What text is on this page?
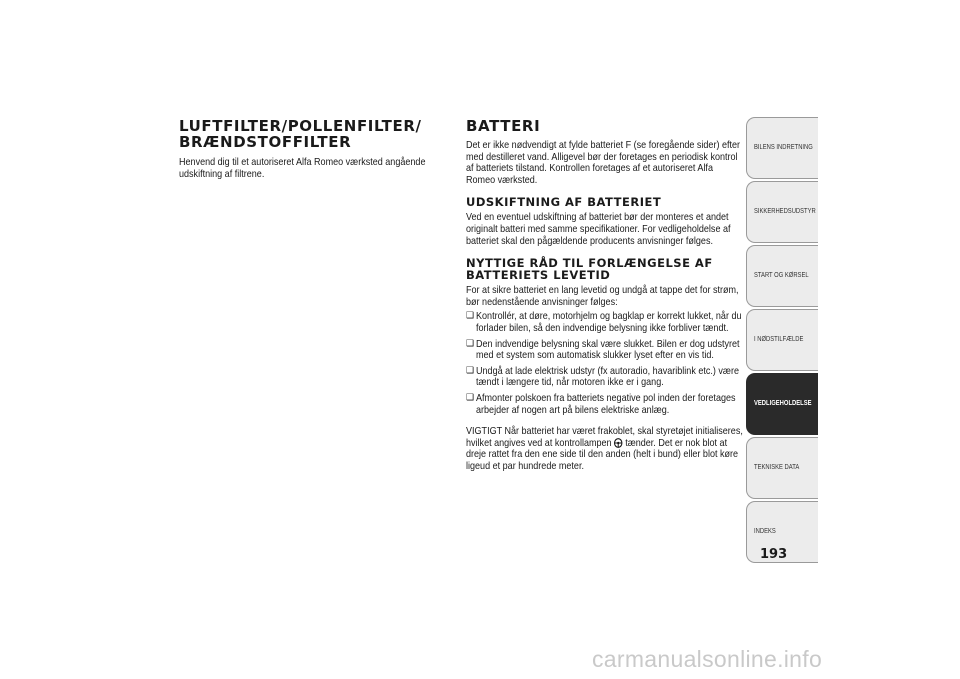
LUFTFILTER/POLLENFILTER/
BRÆNDSTOFFILTER

Henvend dig til et autoriseret Alfa Romeo værksted angående udskiftning af filtrene.

BATTERI

Det er ikke nødvendigt at fylde batteriet F (se foregående sider) efter med destilleret vand. Alligevel bør der foretages en periodisk kontrol af batteriets tilstand. Kontrollen foretages af et autoriseret Alfa Romeo værksted.

UDSKIFTNING AF BATTERIET

Ved en eventuel udskiftning af batteriet bør der monteres et andet originalt batteri med samme specifikationer. For vedligeholdelse af batteriet skal den pågældende producents anvisninger følges.

NYTTIGE RÅD TIL FORLÆNGELSE AF BATTERIETS LEVETID

For at sikre batteriet en lang levetid og undgå at tappe det for strøm, bør nedenstående anvisninger følges:

❑ Kontrollér, at døre, motorhjelm og bagklap er korrekt lukket, når du forlader bilen, så den indvendige belysning ikke forbliver tændt.
❑ Den indvendige belysning skal være slukket. Bilen er dog udstyret med et system som automatisk slukker lyset efter en vis tid.
❑ Undgå at lade elektrisk udstyr (fx autoradio, havariblink etc.) være tændt i længere tid, når motoren ikke er i gang.
❑ Afmonter polskoen fra batteriets negative pol inden der foretages arbejder af nogen art på bilens elektriske anlæg.

VIGTIGT Når batteriet har været frakoblet, skal styretøjet initialiseres, hvilket angives ved at kontrollampen tænder. Det er nok blot at dreje rattet fra den ene side til den anden (helt i bund) eller blot køre ligeud et par hundrede meter.

BILENS INDRETNING
SIKKERHEDSUDSTYR
START OG KØRSEL
I NØDSTILFÆLDE
VEDLIGEHOLDELSE
TEKNISKE DATA
INDEKS
193
carmanualsonline.info
